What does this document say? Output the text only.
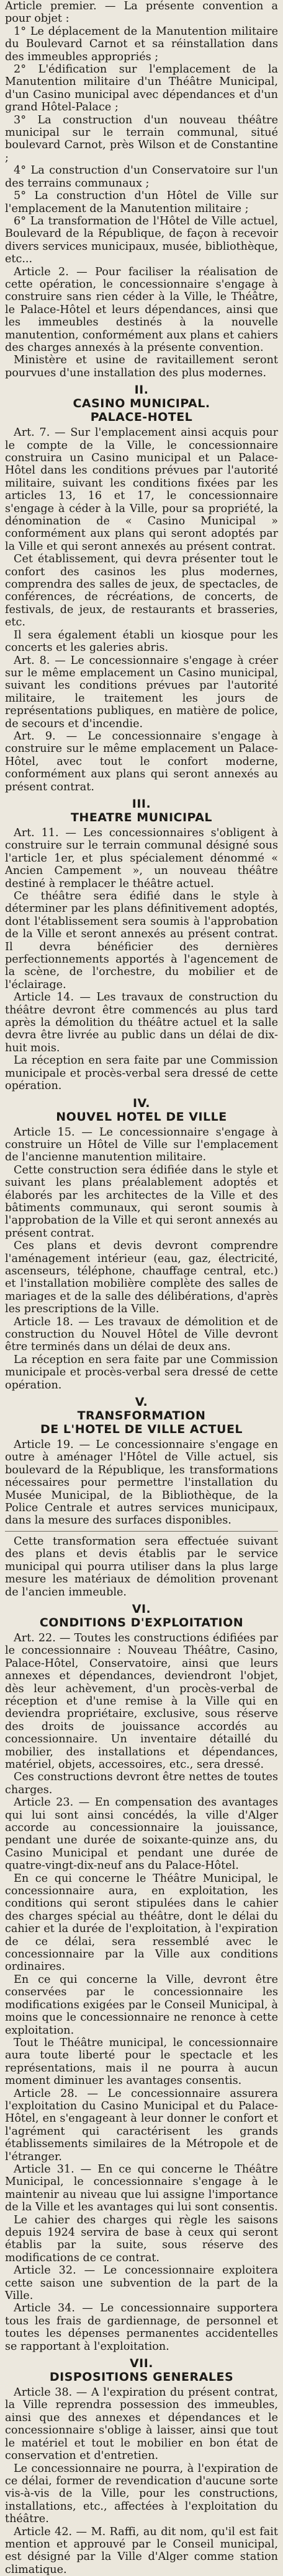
Article premier. — La présente convention a pour objet :

1° Le déplacement de la Manutention militaire du Boulevard Carnot et sa réinstallation dans des immeubles appropriés ;

2° L'édification sur l'emplacement de la Manutention militaire d'un Théâtre Municipal, d'un Casino municipal avec dépendances et d'un grand Hôtel-Palace ;

3° La construction d'un nouveau théâtre municipal sur le terrain communal, situé boulevard Carnot, près Wilson et de Constantine ;

4° La construction d'un Conservatoire sur l'un des terrains communaux ;

5° La construction d'un Hôtel de Ville sur l'emplacement de la Manutention militaire ;

6° La transformation de l'Hôtel de Ville actuel, Boulevard de la République, de façon à recevoir divers services municipaux, musée, bibliothèque, etc...

Article 2. — Pour faciliser la réalisation de cette opération, le concessionnaire s'engage à construire sans rien céder à la Ville, le Théâtre, le Palace-Hôtel et leurs dépendances, ainsi que les immeubles destinés à la nouvelle manutention, conformément aux plans et cahiers des charges annexés à la présente convention.

Ministère et usine de ravitaillement seront pourvues d'une installation des plus modernes.

II.
CASINO MUNICIPAL.
PALACE-HOTEL

Art. 7. — Sur l'emplacement ainsi acquis pour le compte de la Ville, le concessionnaire construira un Casino municipal et un Palace-Hôtel dans les conditions prévues par l'autorité militaire, suivant les conditions fixées par les articles 13, 16 et 17, le concessionnaire s'engage à céder à la Ville, pour sa propriété, la dénomination de « Casino Municipal » conformément aux plans qui seront adoptés par la Ville et qui seront annexés au présent contrat.

Cet établissement, qui devra présenter tout le confort des casinos les plus modernes, comprendra des salles de jeux, de spectacles, de conférences, de récréations, de concerts, de festivals, de jeux, de restaurants et brasseries, etc.

Il sera également établi un kiosque pour les concerts et les galeries abris.

Art. 8. — Le concessionnaire s'engage à créer sur le même emplacement un Casino municipal, suivant les conditions prévues par l'autorité militaire, le traitement les jours de représentations publiques, en matière de police, de secours et d'incendie.

Art. 9. — Le concessionnaire s'engage à construire sur le même emplacement un Palace-Hôtel, avec tout le confort moderne, conformément aux plans qui seront annexés au présent contrat.

III.
THEATRE MUNICIPAL

Art. 11. — Les concessionnaires s'obligent à construire sur le terrain communal désigné sous l'article 1er, et plus spécialement dénommé « Ancien Campement », un nouveau théâtre destiné à remplacer le théâtre actuel.

Ce théâtre sera édifié dans le style à déterminer par les plans définitivement adoptés, dont l'établissement sera soumis à l'approbation de la Ville et seront annexés au présent contrat. Il devra bénéficier des dernières perfectionnements apportés à l'agencement de la scène, de l'orchestre, du mobilier et de l'éclairage.

Article 14. — Les travaux de construction du théâtre devront être commencés au plus tard après la démolition du théâtre actuel et la salle devra être livrée au public dans un délai de dix-huit mois.

La réception en sera faite par une Commission municipale et procès-verbal sera dressé de cette opération.

IV.
NOUVEL HOTEL DE VILLE

Article 15. — Le concessionnaire s'engage à construire un Hôtel de Ville sur l'emplacement de l'ancienne manutention militaire.

Cette construction sera édifiée dans le style et suivant les plans préalablement adoptés et élaborés par les architectes de la Ville et des bâtiments communaux, qui seront soumis à l'approbation de la Ville et qui seront annexés au présent contrat.

Ces plans et devis devront comprendre l'aménagement intérieur (eau, gaz, électricité, ascenseurs, téléphone, chauffage central, etc.) et l'installation mobilière complète des salles de mariages et de la salle des délibérations, d'après les prescriptions de la Ville.

Article 18. — Les travaux de démolition et de construction du Nouvel Hôtel de Ville devront être terminés dans un délai de deux ans.

La réception en sera faite par une Commission municipale et procès-verbal sera dressé de cette opération.

V.
TRANSFORMATION
DE L'HOTEL DE VILLE ACTUEL

Article 19. — Le concessionnaire s'engage en outre à aménager l'Hôtel de Ville actuel, sis boulevard de la République, les transformations nécessaires pour permettre l'installation du Musée Municipal, de la Bibliothèque, de la Police Centrale et autres services municipaux, dans la mesure des surfaces disponibles.

Cette transformation sera effectuée suivant des plans et devis établis par le service municipal qui pourra utiliser dans la plus large mesure les matériaux de démolition provenant de l'ancien immeuble.

VI.
CONDITIONS D'EXPLOITATION

Art. 22. — Toutes les constructions édifiées par le concessionnaire : Nouveau Théâtre, Casino, Palace-Hôtel, Conservatoire, ainsi que leurs annexes et dépendances, deviendront l'objet, dès leur achèvement, d'un procès-verbal de réception et d'une remise à la Ville qui en deviendra propriétaire, exclusive, sous réserve des droits de jouissance accordés au concessionnaire. Un inventaire détaillé du mobilier, des installations et dépendances, matériel, objets, accessoires, etc., sera dressé.

Ces constructions devront être nettes de toutes charges.

Article 23. — En compensation des avantages qui lui sont ainsi concédés, la ville d'Alger accorde au concessionnaire la jouissance, pendant une durée de soixante-quinze ans, du Casino Municipal et pendant une durée de quatre-vingt-dix-neuf ans du Palace-Hôtel.

En ce qui concerne le Théâtre Municipal, le concessionnaire aura, en exploitation, les conditions qui seront stipulées dans le cahier des charges spécial au théâtre, dont le délai du cahier et la durée de l'exploitation, à l'expiration de ce délai, sera ressemblé avec le concessionnaire par la Ville aux conditions ordinaires.

En ce qui concerne la Ville, devront être conservées par le concessionnaire les modifications exigées par le Conseil Municipal, à moins que le concessionnaire ne renonce à cette exploitation.

Tout le Théâtre municipal, le concessionnaire aura toute liberté pour le spectacle et les représentations, mais il ne pourra à aucun moment diminuer les avantages consentis.

Article 28. — Le concessionnaire assurera l'exploitation du Casino Municipal et du Palace-Hôtel, en s'engageant à leur donner le confort et l'agrément qui caractérisent les grands établissements similaires de la Métropole et de l'étranger.

Article 31. — En ce qui concerne le Théâtre Municipal, le concessionnaire s'engage à le maintenir au niveau que lui assigne l'importance de la Ville et les avantages qui lui sont consentis.

Le cahier des charges qui règle les saisons depuis 1924 servira de base à ceux qui seront établis par la suite, sous réserve des modifications de ce contrat.

Article 32. — Le concessionnaire exploitera cette saison une subvention de la part de la Ville.

Article 34. — Le concessionnaire supportera tous les frais de gardiennage, de personnel et toutes les dépenses permanentes accidentelles se rapportant à l'exploitation.

VII.
DISPOSITIONS GENERALES

Article 38. — A l'expiration du présent contrat, la Ville reprendra possession des immeubles, ainsi que des annexes et dépendances et le concessionnaire s'oblige à laisser, ainsi que tout le matériel et tout le mobilier en bon état de conservation et d'entretien.

Le concessionnaire ne pourra, à l'expiration de ce délai, former de revendication d'aucune sorte vis-à-vis de la Ville, pour les constructions, installations, etc., affectées à l'exploitation du théâtre.

Article 42. — M. Raffi, au dit nom, qu'il est fait mention et approuvé par le Conseil municipal, est désigné par la Ville d'Alger comme station climatique.
